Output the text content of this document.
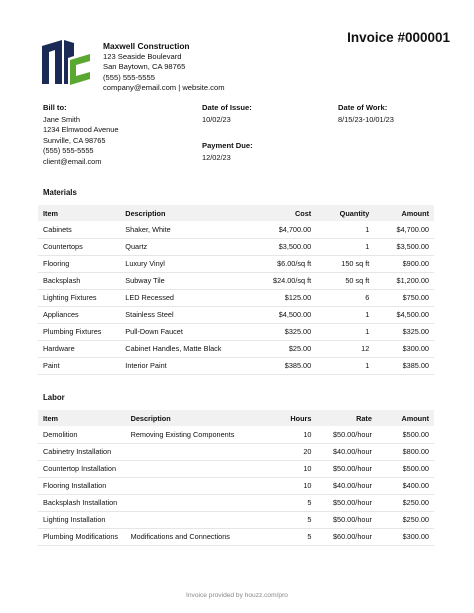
Invoice #000001
Maxwell Construction
123 Seaside Boulevard
San Baytown, CA 98765
(555) 555-5555
company@email.com | website.com
Bill to:
Jane Smith
1234 Elmwood Avenue
Sunville, CA 98765
(555) 555-5555
client@email.com
Date of Issue:
10/02/23
Payment Due:
12/02/23
Date of Work:
8/15/23-10/01/23
Materials
Item	Description	Cost	Quantity	Amount
Cabinets	Shaker, White	$4,700.00	1	$4,700.00
Countertops	Quartz	$3,500.00	1	$3,500.00
Flooring	Luxury Vinyl	$6.00/sq ft	150 sq ft	$900.00
Backsplash	Subway Tile	$24.00/sq ft	50 sq ft	$1,200.00
Lighting Fixtures	LED Recessed	$125.00	6	$750.00
Appliances	Stainless Steel	$4,500.00	1	$4,500.00
Plumbing Fixtures	Pull-Down Faucet	$325.00	1	$325.00
Hardware	Cabinet Handles, Matte Black	$25.00	12	$300.00
Paint	Interior Paint	$385.00	1	$385.00
Labor
Item	Description	Hours	Rate	Amount
Demolition	Removing Existing Components	10	$50.00/hour	$500.00
Cabinetry Installation		20	$40.00/hour	$800.00
Countertop Installation		10	$50.00/hour	$500.00
Flooring Installation		10	$40.00/hour	$400.00
Backsplash Installation		5	$50.00/hour	$250.00
Lighting Installation		5	$50.00/hour	$250.00
Plumbing Modifications	Modifications and Connections	5	$60.00/hour	$300.00
Invoice provided by houzz.com/pro
